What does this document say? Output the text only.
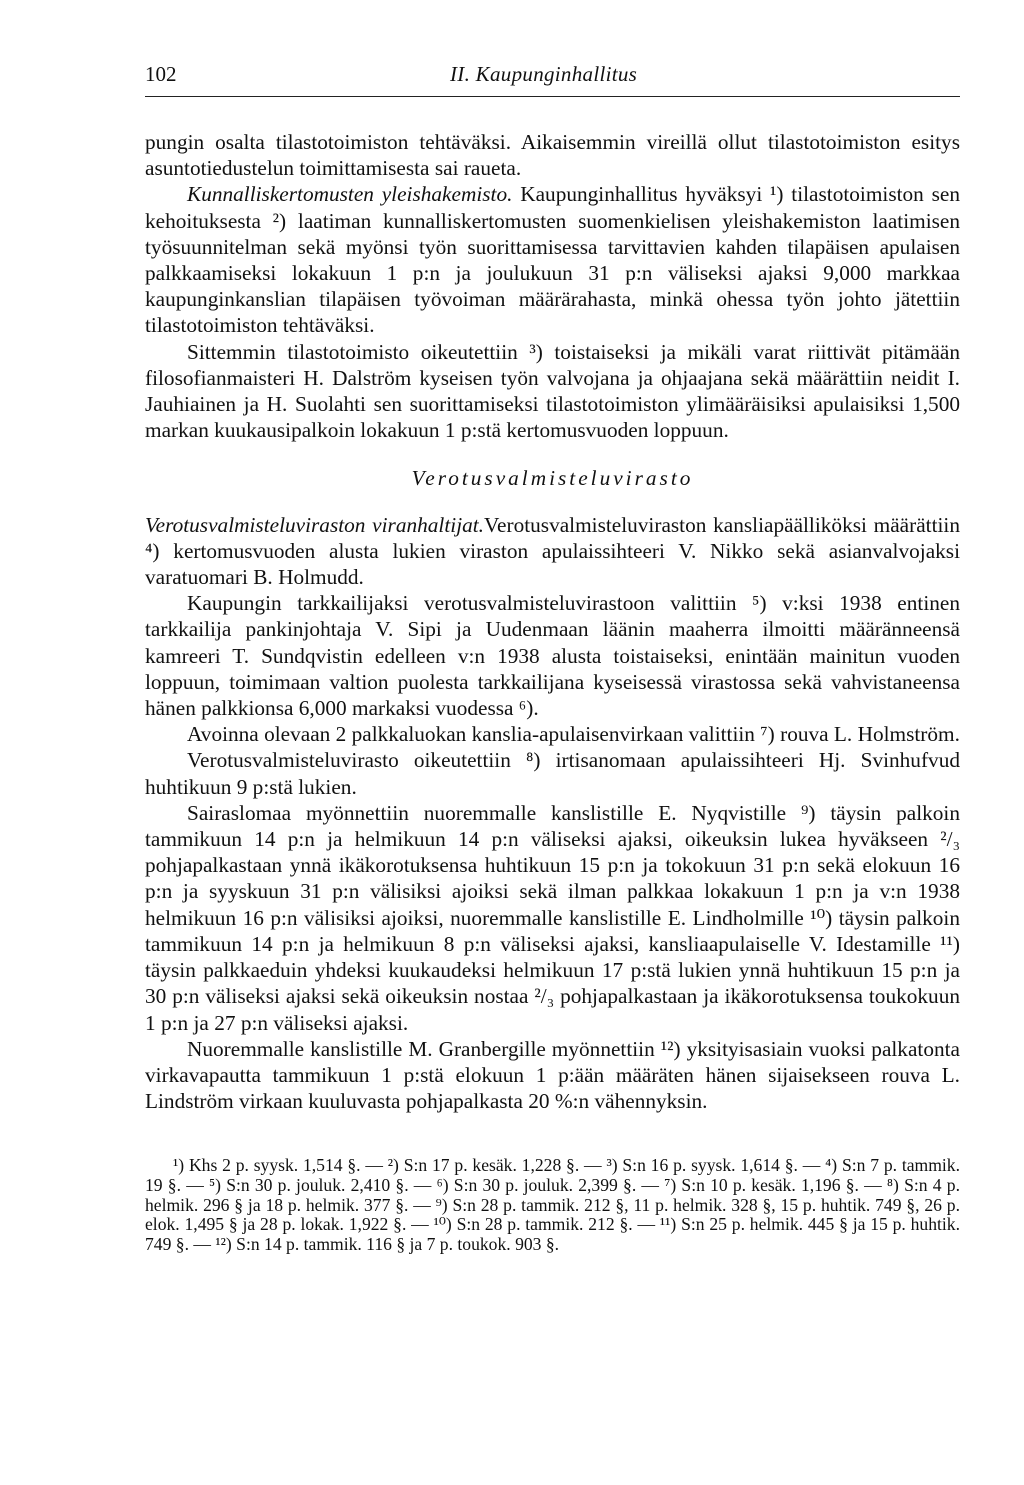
102	II. Kaupunginhallitus

pungin osalta tilastotoimiston tehtäväksi. Aikaisemmin vireillä ollut tilastotoimiston esitys asuntotiedustelun toimittamisesta sai raueta.

Kunnalliskertomusten yleishakemisto. Kaupunginhallitus hyväksyi ¹) tilastotoimiston sen kehoituksesta ²) laatiman kunnalliskertomusten suomenkielisen yleishakemiston laatimisen työsuunnitelman sekä myönsi työn suorittamisessa tarvittavien kahden tilapäisen apulaisen palkkaamiseksi lokakuun 1 p:n ja joulukuun 31 p:n väliseksi ajaksi 9,000 markkaa kaupunginkanslian tilapäisen työvoiman määrärahasta, minkä ohessa työn johto jätettiin tilastotoimiston tehtäväksi.

Sittemmin tilastotoimisto oikeutettiin ³) toistaiseksi ja mikäli varat riittivät pitämään filosofianmaisteri H. Dalström kyseisen työn valvojana ja ohjaajana sekä määrättiin neidit I. Jauhiainen ja H. Suolahti sen suorittamiseksi tilastotoimiston ylimääräisiksi apulaisiksi 1,500 markan kuukausipalkoin lokakuun 1 p:stä kertomusvuoden loppuun.

Verotusvalmisteluvirasto

Verotusvalmisteluviraston viranhaltijat.Verotusvalmisteluviraston kansliapäälliköksi määrättiin ⁴) kertomusvuoden alusta lukien viraston apulaissihteeri V. Nikko sekä asianvalvojaksi varatuomari B. Holmudd.

Kaupungin tarkkailijaksi verotusvalmisteluvirastoon valittiin ⁵) v:ksi 1938 entinen tarkkailija pankinjohtaja V. Sipi ja Uudenmaan läänin maaherra ilmoitti määränneensä kamreeri T. Sundqvistin edelleen v:n 1938 alusta toistaiseksi, enintään mainitun vuoden loppuun, toimimaan valtion puolesta tarkkailijana kyseisessä virastossa sekä vahvistaneensa hänen palkkionsa 6,000 markaksi vuodessa ⁶).

Avoinna olevaan 2 palkkaluokan kanslia-apulaisenvirkaan valittiin ⁷) rouva L. Holmström.

Verotusvalmisteluvirasto oikeutettiin ⁸) irtisanomaan apulaissihteeri Hj. Svinhufvud huhtikuun 9 p:stä lukien.

Sairaslomaa myönnettiin nuoremmalle kanslistille E. Nyqvistille ⁹) täysin palkoin tammikuun 14 p:n ja helmikuun 14 p:n väliseksi ajaksi, oikeuksin lukea hyväkseen ²/₃ pohjapalkastaan ynnä ikäkorotuksensa huhtikuun 15 p:n ja tokokuun 31 p:n sekä elokuun 16 p:n ja syyskuun 31 p:n välisiksi ajoiksi sekä ilman palkkaa lokakuun 1 p:n ja v:n 1938 helmikuun 16 p:n välisiksi ajoiksi, nuoremmalle kanslistille E. Lindholmille ¹⁰) täysin palkoin tammikuun 14 p:n ja helmikuun 8 p:n väliseksi ajaksi, kansliaapulaiselle V. Idestamille ¹¹) täysin palkkaeduin yhdeksi kuukaudeksi helmikuun 17 p:stä lukien ynnä huhtikuun 15 p:n ja 30 p:n väliseksi ajaksi sekä oikeuksin nostaa ²/₃ pohjapalkastaan ja ikäkorotuksensa toukokuun 1 p:n ja 27 p:n väliseksi ajaksi.

Nuoremmalle kanslistille M. Granbergille myönnettiin ¹²) yksityisasiain vuoksi palkatonta virkavapautta tammikuun 1 p:stä elokuun 1 p:ään määräten hänen sijaisekseen rouva L. Lindström virkaan kuuluvasta pohjapalkasta 20 %:n vähennyksin.

¹) Khs 2 p. syysk. 1,514 §. — ²) S:n 17 p. kesäk. 1,228 §. — ³) S:n 16 p. syysk. 1,614 §. — ⁴) S:n 7 p. tammik. 19 §. — ⁵) S:n 30 p. jouluk. 2,410 §. — ⁶) S:n 30 p. jouluk. 2,399 §. — ⁷) S:n 10 p. kesäk. 1,196 §. — ⁸) S:n 4 p. helmik. 296 § ja 18 p. helmik. 377 §. — ⁹) S:n 28 p. tammik. 212 §, 11 p. helmik. 328 §, 15 p. huhtik. 749 §, 26 p. elok. 1,495 § ja 28 p. lokak. 1,922 §. — ¹⁰) S:n 28 p. tammik. 212 §. — ¹¹) S:n 25 p. helmik. 445 § ja 15 p. huhtik. 749 §. — ¹²) S:n 14 p. tammik. 116 § ja 7 p. toukok. 903 §.
